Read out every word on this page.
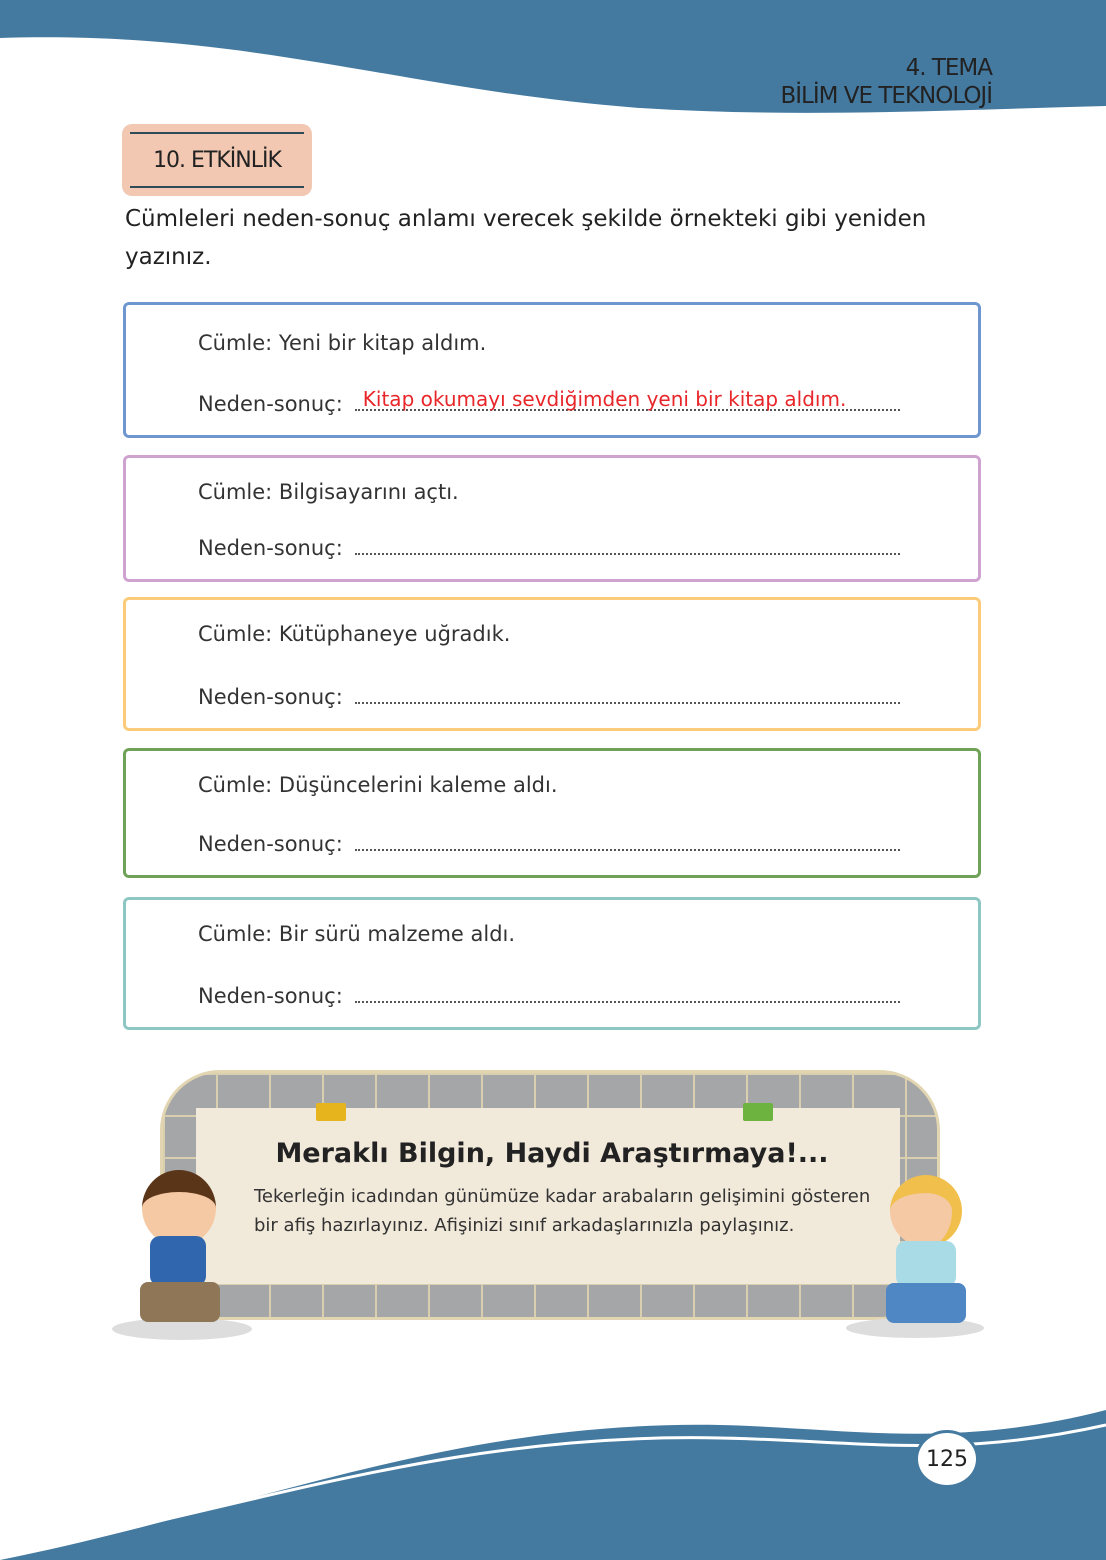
4. TEMA
BİLİM VE TEKNOLOJİ
10. ETKİNLİK
Cümleleri neden-sonuç anlamı verecek şekilde örnekteki gibi yeniden yazınız.
Cümle: Yeni bir kitap aldım.
Neden-sonuç: Kitap okumayı sevdiğimden yeni bir kitap aldım.
Cümle: Bilgisayarını açtı.
Neden-sonuç:
Cümle: Kütüphaneye uğradık.
Neden-sonuç:
Cümle: Düşüncelerini kaleme aldı.
Neden-sonuç:
Cümle: Bir sürü malzeme aldı.
Neden-sonuç:
Meraklı Bilgin, Haydi Araştırmaya!...
Tekerleğin icadından günümüze kadar arabaların gelişimini gösteren bir afiş hazırlayınız. Afişinizi sınıf arkadaşlarınızla paylaşınız.
125
